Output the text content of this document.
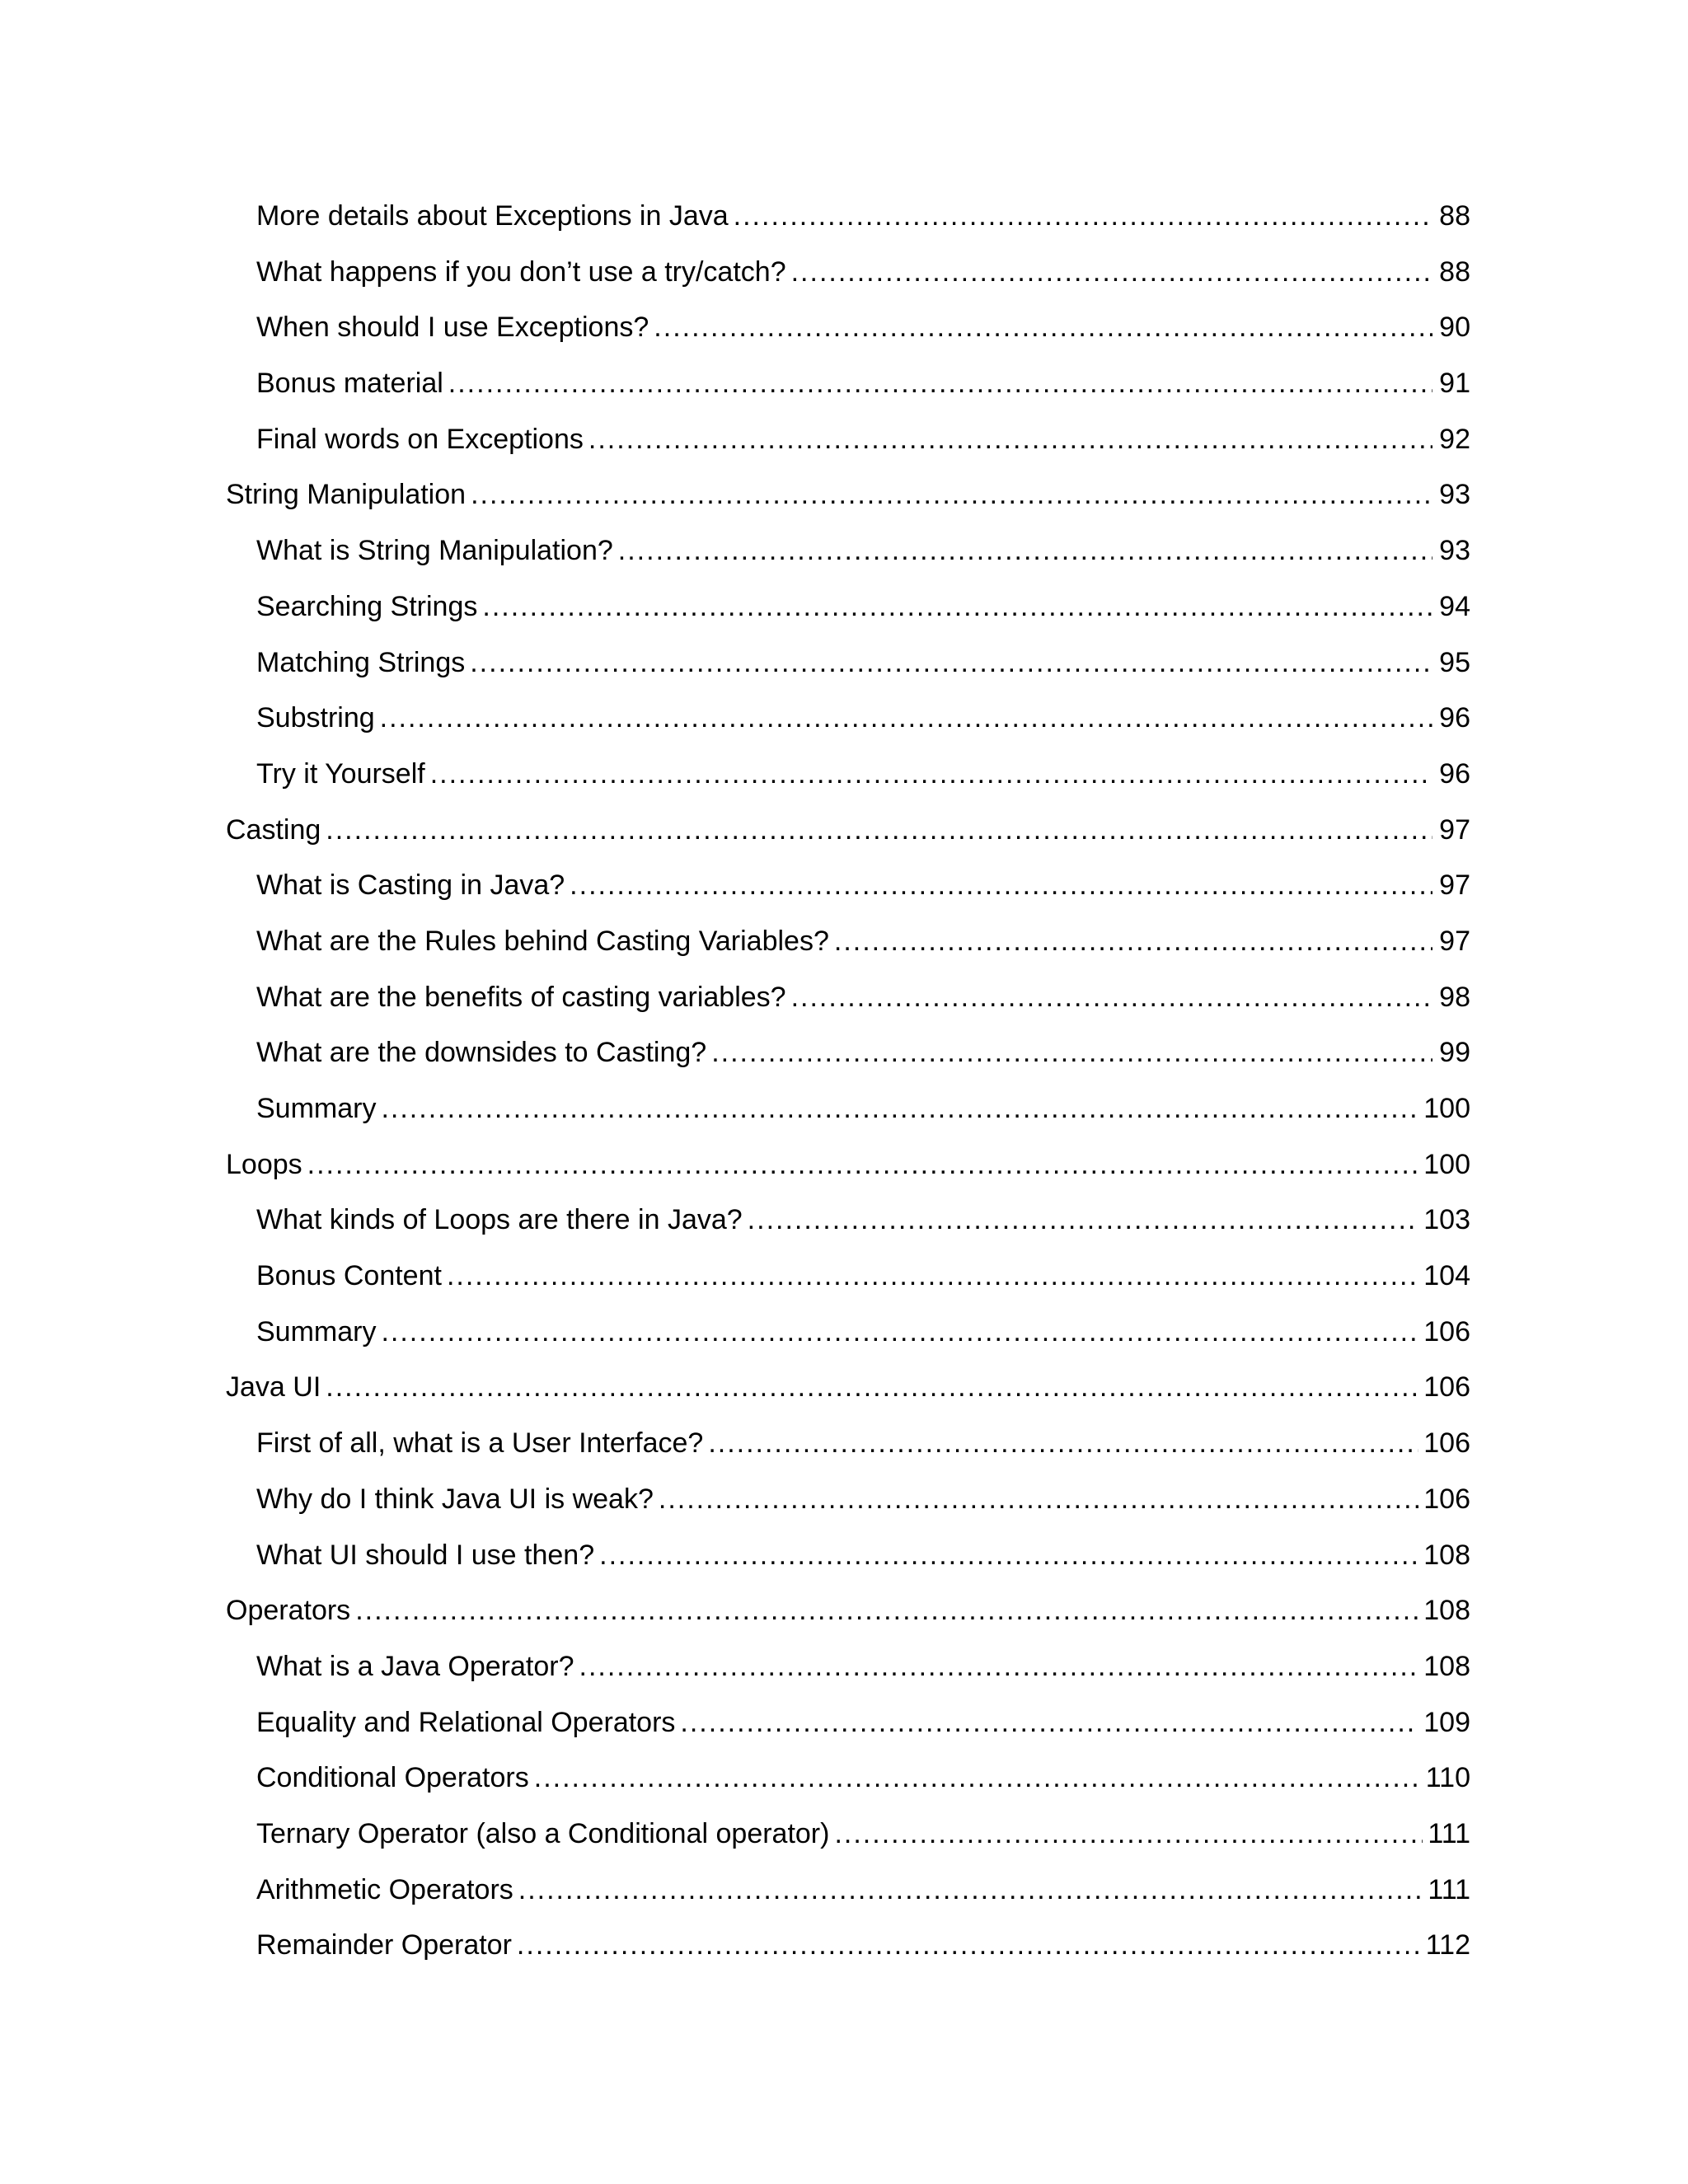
More details about Exceptions in Java .....	88
What happens if you don’t use a try/catch? .....	88
When should I use Exceptions? .....	90
Bonus material .....	91
Final words on Exceptions .....	92
String Manipulation .....	93
What is String Manipulation? .....	93
Searching Strings .....	94
Matching Strings .....	95
Substring .....	96
Try it Yourself .....	96
Casting .....	97
What is Casting in Java? .....	97
What are the Rules behind Casting Variables? .....	97
What are the benefits of casting variables? .....	98
What are the downsides to Casting? .....	99
Summary .....	100
Loops .....	100
What kinds of Loops are there in Java? .....	103
Bonus Content .....	104
Summary .....	106
Java UI .....	106
First of all, what is a User Interface? .....	106
Why do I think Java UI is weak? .....	106
What UI should I use then? .....	108
Operators .....	108
What is a Java Operator? .....	108
Equality and Relational Operators .....	109
Conditional Operators .....	110
Ternary Operator (also a Conditional operator) .....	111
Arithmetic Operators .....	111
Remainder Operator .....	112
